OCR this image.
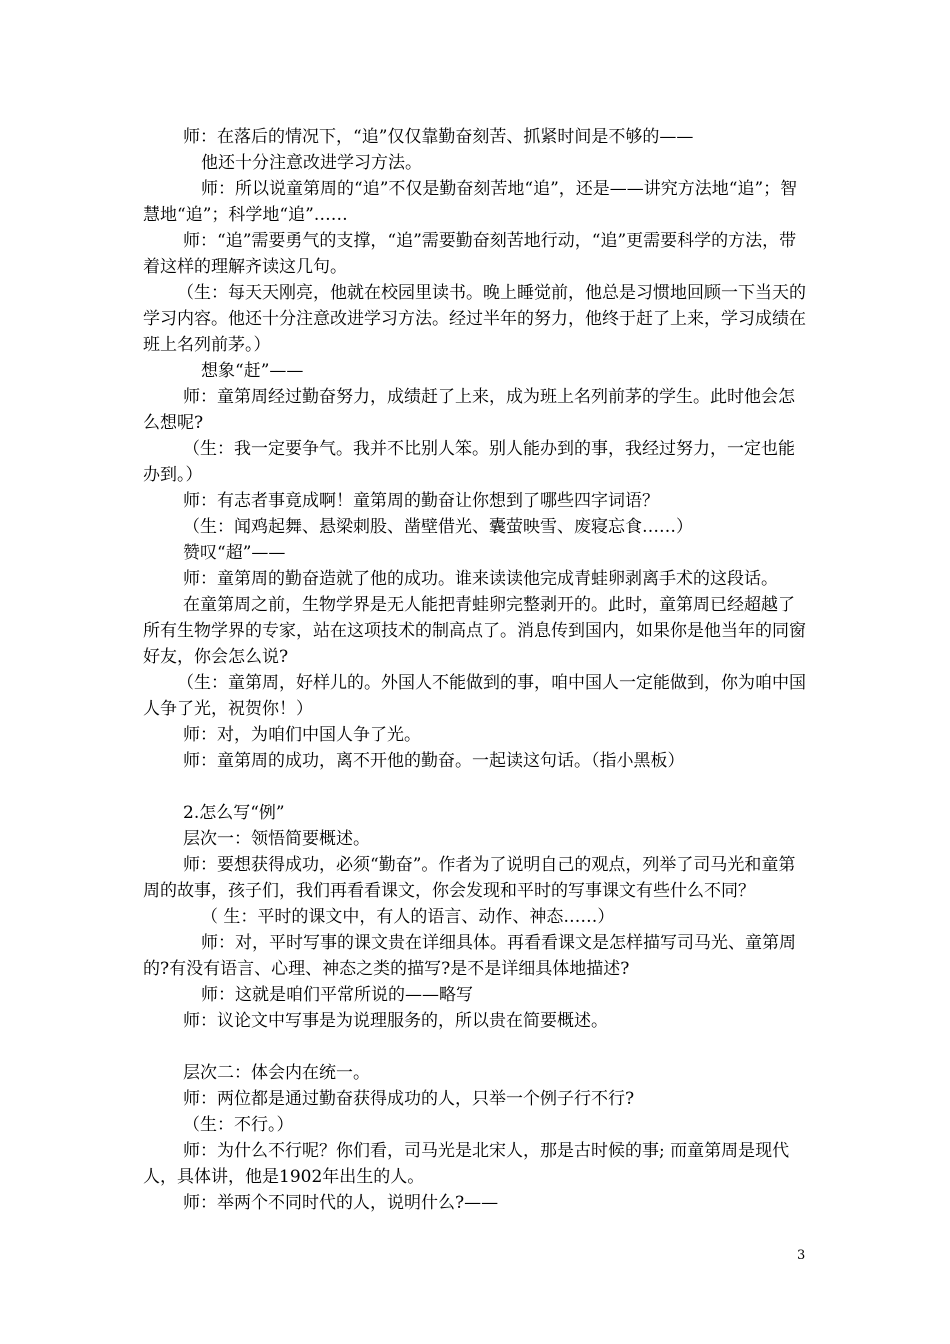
师：在落后的情况下，“追”仅仅靠勤奋刻苦、抓紧时间是不够的——

他还十分注意改进学习方法。

师：所以说童第周的“追”不仅是勤奋刻苦地“追”，还是——讲究方法地“追”；智慧地“追”；科学地“追”……

师：“追”需要勇气的支撑，“追”需要勤奋刻苦地行动，“追”更需要科学的方法，带着这样的理解齐读这几句。

（生：每天天刚亮，他就在校园里读书。晚上睡觉前，他总是习惯地回顾一下当天的学习内容。他还十分注意改进学习方法。经过半年的努力，他终于赶了上来，学习成绩在班上名列前茅。）

想象“赶”——

师：童第周经过勤奋努力，成绩赶了上来，成为班上名列前茅的学生。此时他会怎么想呢?

（生：我一定要争气。我并不比别人笨。别人能办到的事，我经过努力，一定也能办到。）

师：有志者事竟成啊！童第周的勤奋让你想到了哪些四字词语？

（生：闻鸡起舞、悬梁刺股、凿壁借光、囊萤映雪、废寝忘食……）

赞叹“超”——

师：童第周的勤奋造就了他的成功。谁来读读他完成青蛙卵剥离手术的这段话。

在童第周之前，生物学界是无人能把青蛙卵完整剥开的。此时，童第周已经超越了所有生物学界的专家，站在这项技术的制高点了。消息传到国内，如果你是他当年的同窗好友，你会怎么说?

（生：童第周，好样儿的。外国人不能做到的事，咱中国人一定能做到，你为咱中国人争了光，祝贺你！）

师：对，为咱们中国人争了光。

师：童第周的成功，离不开他的勤奋。一起读这句话。（指小黑板）

2.怎么写“例”

层次一：领悟简要概述。

师：要想获得成功，必须“勤奋”。作者为了说明自己的观点，列举了司马光和童第周的故事，孩子们，我们再看看课文，你会发现和平时的写事课文有些什么不同？

（ 生：平时的课文中，有人的语言、动作、神态……）

师：对，平时写事的课文贵在详细具体。再看看课文是怎样描写司马光、童第周的?有没有语言、心理、神态之类的描写?是不是详细具体地描述?

师：这就是咱们平常所说的——略写

师：议论文中写事是为说理服务的，所以贵在简要概述。

层次二：体会内在统一。

师：两位都是通过勤奋获得成功的人，只举一个例子行不行?

（生：不行。）

师：为什么不行呢？你们看，司马光是北宋人，那是古时候的事; 而童第周是现代人，具体讲，他是1902年出生的人。

师：举两个不同时代的人，说明什么?——

3
